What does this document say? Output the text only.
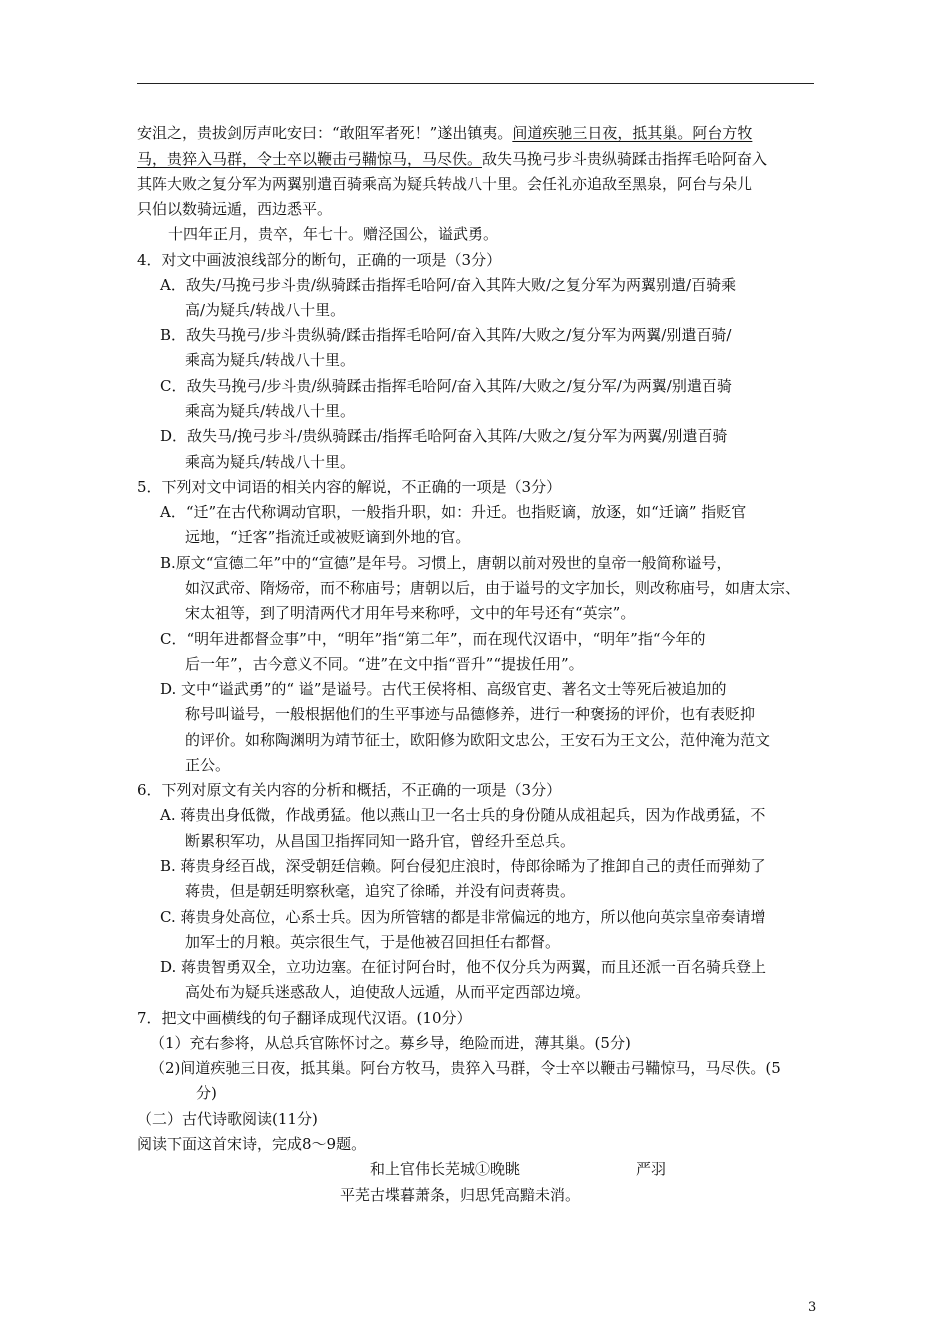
安沮之，贵拔剑厉声叱安曰：“敢阻军者死！”遂出镇夷。间道疾驰三日夜，抵其巢。阿台方牧
马，贵猝入马群，令士卒以鞭击弓鞴惊马，马尽佚。敌失马挽弓步斗贵纵骑蹂击指挥毛哈阿奋入
其阵大败之复分军为两翼别遣百骑乘高为疑兵转战八十里。会任礼亦追敌至黑泉，阿台与朵儿
只伯以数骑远遁，西边悉平。
十四年正月，贵卒，年七十。赠泾国公，谥武勇。
4．对文中画波浪线部分的断句，正确的一项是（3分）
A．敌失/马挽弓步斗贵/纵骑蹂击指挥毛哈阿/奋入其阵大败/之复分军为两翼别遣/百骑乘
高/为疑兵/转战八十里。
B．敌失马挽弓/步斗贵纵骑/蹂击指挥毛哈阿/奋入其阵/大败之/复分军为两翼/别遣百骑/
乘高为疑兵/转战八十里。
C．敌失马挽弓/步斗贵/纵骑蹂击指挥毛哈阿/奋入其阵/大败之/复分军/为两翼/别遣百骑
乘高为疑兵/转战八十里。
D．敌失马/挽弓步斗/贵纵骑蹂击/指挥毛哈阿奋入其阵/大败之/复分军为两翼/别遣百骑
乘高为疑兵/转战八十里。
5．下列对文中词语的相关内容的解说，不正确的一项是（3分）
A．“迁”在古代称调动官职，一般指升职，如：升迁。也指贬谪，放逐，如“迁谪” 指贬官
远地，“迁客”指流迁或被贬谪到外地的官。
B.原文“宣德二年”中的“宣德”是年号。习惯上，唐朝以前对殁世的皇帝一般简称谥号，
如汉武帝、隋炀帝，而不称庙号；唐朝以后，由于谥号的文字加长，则改称庙号，如唐太宗、
宋太祖等，到了明清两代才用年号来称呼，文中的年号还有“英宗”。
C．“明年进都督佥事”中，“明年”指“第二年”，而在现代汉语中，“明年”指“今年的
后一年”，古今意义不同。“进”在文中指“晋升”“提拔任用”。
D. 文中“谥武勇”的“ 谥”是谥号。古代王侯将相、高级官吏、著名文士等死后被追加的
称号叫谥号，一般根据他们的生平事迹与品德修养，进行一种褒扬的评价，也有表贬抑
的评价。如称陶渊明为靖节征士，欧阳修为欧阳文忠公，王安石为王文公，范仲淹为范文
正公。
6．下列对原文有关内容的分析和概括，不正确的一项是（3分）
A. 蒋贵出身低微，作战勇猛。他以燕山卫一名士兵的身份随从成祖起兵，因为作战勇猛，不
断累积军功，从昌国卫指挥同知一路升官，曾经升至总兵。
B. 蒋贵身经百战，深受朝廷信赖。阿台侵犯庄浪时，侍郎徐晞为了推卸自己的责任而弹劾了
蒋贵，但是朝廷明察秋毫，追究了徐晞，并没有问责蒋贵。
C. 蒋贵身处高位，心系士兵。因为所管辖的都是非常偏远的地方，所以他向英宗皇帝奏请增
加军士的月粮。英宗很生气，于是他被召回担任右都督。
D. 蒋贵智勇双全，立功边塞。在征讨阿台时，他不仅分兵为两翼，而且还派一百名骑兵登上
高处布为疑兵迷惑敌人，迫使敌人远遁，从而平定西部边境。
7．把文中画横线的句子翻译成现代汉语。(10分）
（1）充右参将，从总兵官陈怀讨之。募乡导，绝险而进，薄其巢。(5分)
（2)间道疾驰三日夜，抵其巢。阿台方牧马，贵猝入马群，令士卒以鞭击弓鞴惊马，马尽佚。(5
分)
（二）古代诗歌阅读(11分)
阅读下面这首宋诗，完成8～9题。
和上官伟长芜城①晚眺	严羽
平芜古堞暮萧条，归思凭高黯未消。
3
